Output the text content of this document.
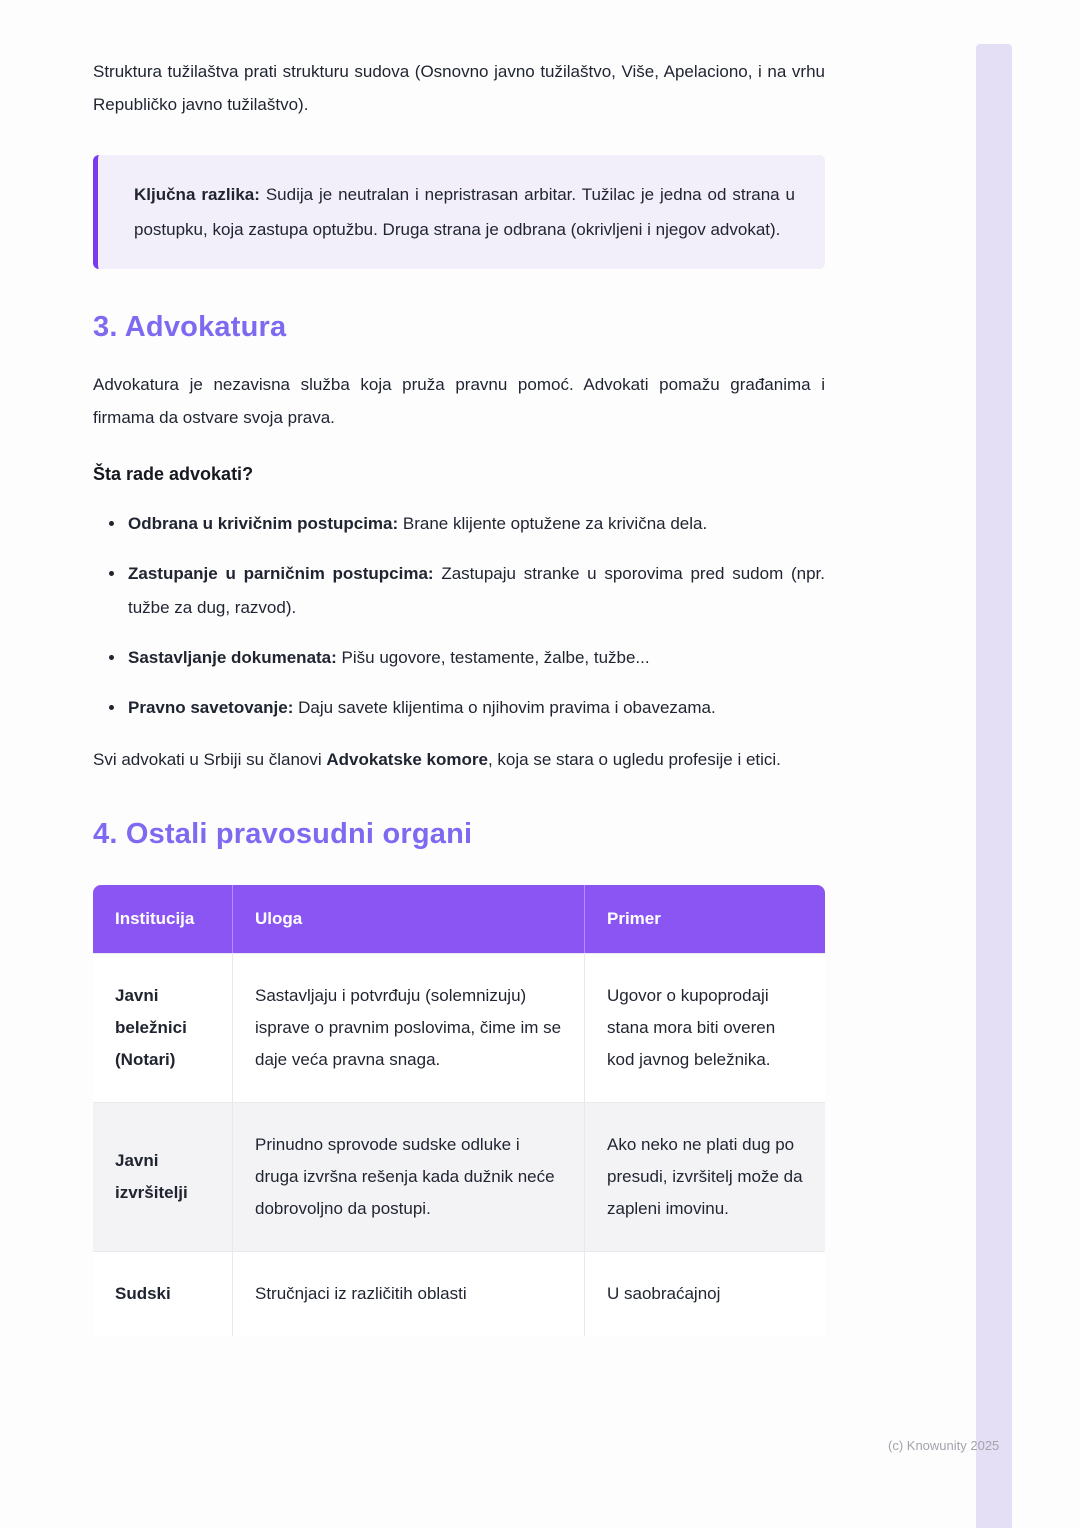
Struktura tužilaštva prati strukturu sudova (Osnovno javno tužilaštvo, Više, Apelaciono, i na vrhu Republičko javno tužilaštvo).

Ključna razlika: Sudija je neutralan i nepristrasan arbitar. Tužilac je jedna od strana u postupku, koja zastupa optužbu. Druga strana je odbrana (okrivljeni i njegov advokat).
3. Advokatura

Advokatura je nezavisna služba koja pruža pravnu pomoć. Advokati pomažu građanima i firmama da ostvare svoja prava.

Šta rade advokati?
• Odbrana u krivičnim postupcima: Brane klijente optužene za krivična dela.
• Zastupanje u parničnim postupcima: Zastupaju stranke u sporovima pred sudom (npr. tužbe za dug, razvod).
• Sastavljanje dokumenata: Pišu ugovore, testamente, žalbe, tužbe...
• Pravno savetovanje: Daju savete klijentima o njihovim pravima i obavezama.

Svi advokati u Srbiji su članovi Advokatske komore, koja se stara o ugledu profesije i etici.

4. Ostali pravosudni organi
Institucija	Uloga	Primer
Javni beležnici (Notari)	Sastavljaju i potvrđuju (solemnizuju) isprave o pravnim poslovima, čime im se daje veća pravna snaga.	Ugovor o kupoprodaji stana mora biti overen kod javnog beležnika.
Javni izvršitelji	Prinudno sprovode sudske odluke i druga izvršna rešenja kada dužnik neće dobrovoljno da postupi.	Ako neko ne plati dug po presudi, izvršitelj može da zapleni imovinu.
Sudski	Stručnjaci iz različitih oblasti	U saobraćajnoj
(c) Knowunity 2025
